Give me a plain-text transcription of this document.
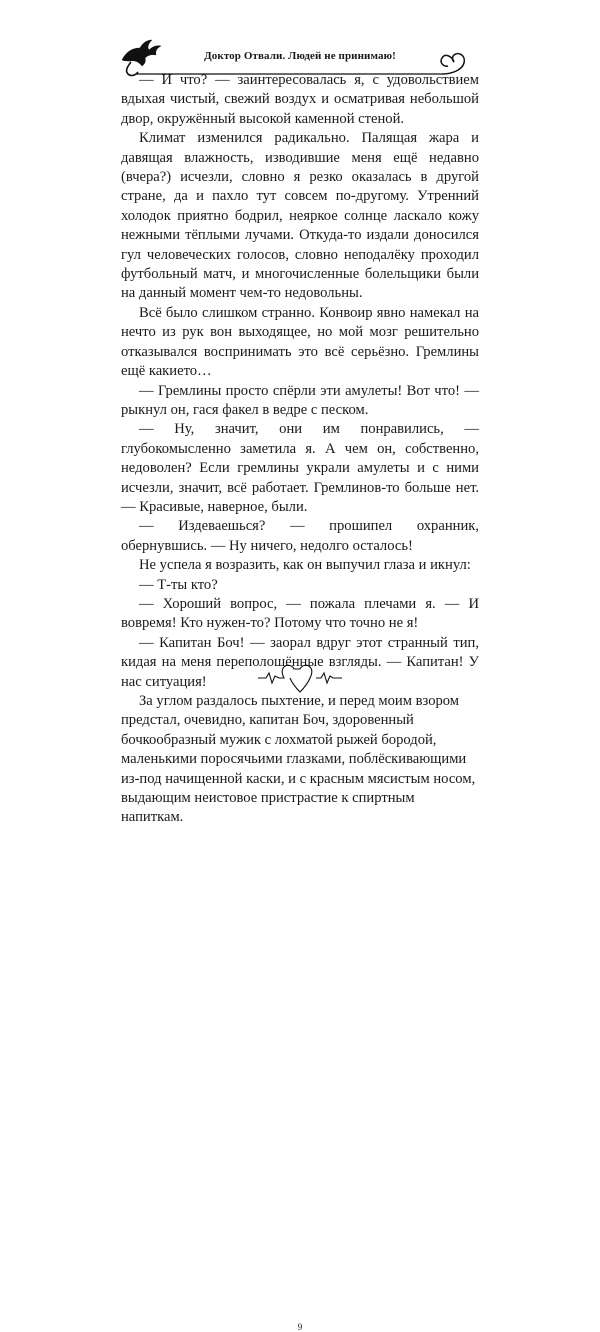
Доктор Отвали. Людей не принимаю!

— И что? — заинтересовалась я, с удовольствием вдыхая чистый, свежий воздух и осматривая небольшой двор, окружённый высокой каменной стеной.

Климат изменился радикально. Палящая жара и давящая влажность, изводившие меня ещё недавно (вчера?) исчезли, словно я резко оказалась в другой стране, да и пахло тут совсем по-другому. Утренний холодок приятно бодрил, неяркое солнце ласкало кожу нежными тёплыми лучами. Откуда-то издали доносился гул человеческих голосов, словно неподалёку проходил футбольный матч, и многочисленные болельщики были на данный момент чем-то недовольны.

Всё было слишком странно. Конвоир явно намекал на нечто из рук вон выходящее, но мой мозг решительно отказывался воспринимать это всё серьёзно. Гремлины ещё какието…

— Гремлины просто спёрли эти амулеты! Вот что! — рыкнул он, гася факел в ведре с песком.

— Ну, значит, они им понравились, — глубокомысленно заметила я. А чем он, собственно, недоволен? Если гремлины украли амулеты и с ними исчезли, значит, всё работает. Гремлинов-то больше нет. — Красивые, наверное, были.

— Издеваешься? — прошипел охранник, обернувшись. — Ну ничего, недолго осталось!

Не успела я возразить, как он выпучил глаза и икнул:

— Т-ты кто?

— Хороший вопрос, — пожала плечами я. — И вовремя! Кто нужен-то? Потому что точно не я!

— Капитан Боч! — заорал вдруг этот странный тип, кидая на меня переполошённые взгляды. — Капитан! У нас ситуация!

За углом раздалось пыхтение, и перед моим взором предстал, очевидно, капитан Боч, здоровенный бочкообразный мужик с лохматой рыжей бородой, маленькими поросячьими глазками, поблёскивающими из-под начищенной каски, и с красным мясистым носом, выдающим неистовое пристрастие к спиртным напиткам.

9
